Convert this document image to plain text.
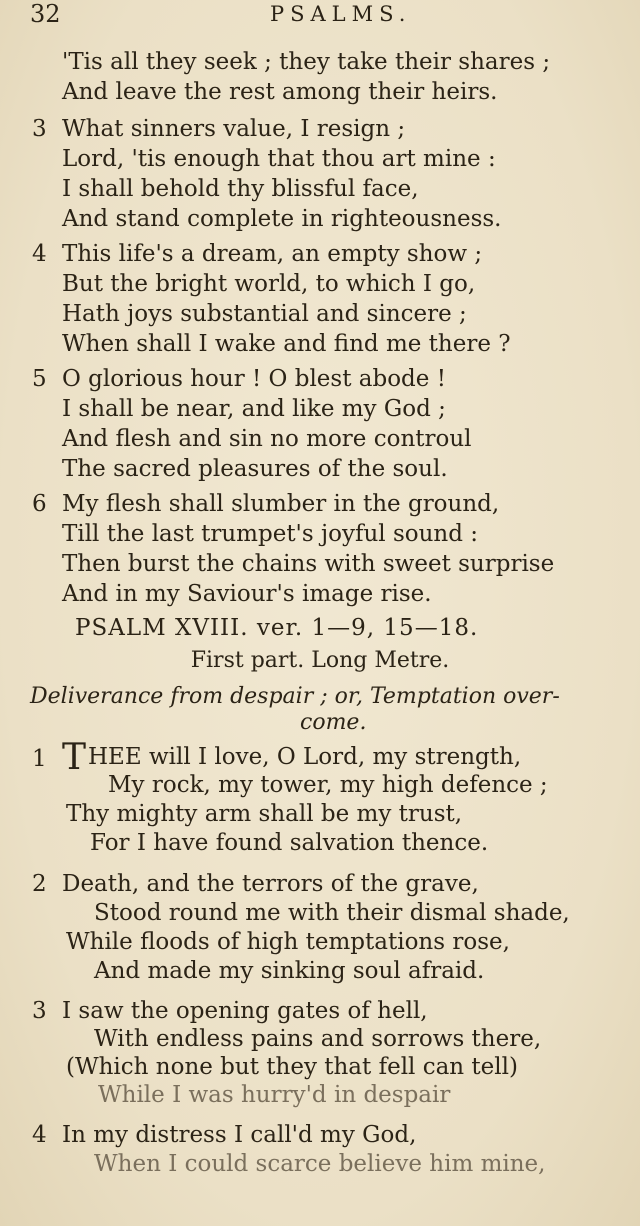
32	PSALMS.
'Tis all they seek ; they take their shares ;
And leave the rest among their heirs.
3 What sinners value, I resign ;
Lord, 'tis enough that thou art mine :
I shall behold thy blissful face,
And stand complete in righteousness.
4 This life's a dream, an empty show ;
But the bright world, to which I go,
Hath joys substantial and sincere ;
When shall I wake and find me there ?
5 O glorious hour ! O blest abode !
I shall be near, and like my God ;
And flesh and sin no more controul
The sacred pleasures of the soul.
6 My flesh shall slumber in the ground,
Till the last trumpet's joyful sound :
Then burst the chains with sweet surprise
And in my Saviour's image rise.
PSALM XVIII. ver. 1—9, 15—18.
First part. Long Metre.
Deliverance from despair ; or, Temptation over-
come.
1 T HEE will I love, O Lord, my strength,
My rock, my tower, my high defence ;
Thy mighty arm shall be my trust,
For I have found salvation thence.
2 Death, and the terrors of the grave,
Stood round me with their dismal shade,
While floods of high temptations rose,
And made my sinking soul afraid.
3 I saw the opening gates of hell,
With endless pains and sorrows there,
(Which none but they that fell can tell)
While I was hurry'd in despair
4 In my distress I call'd my God,
When I could scarce believe him mine,
